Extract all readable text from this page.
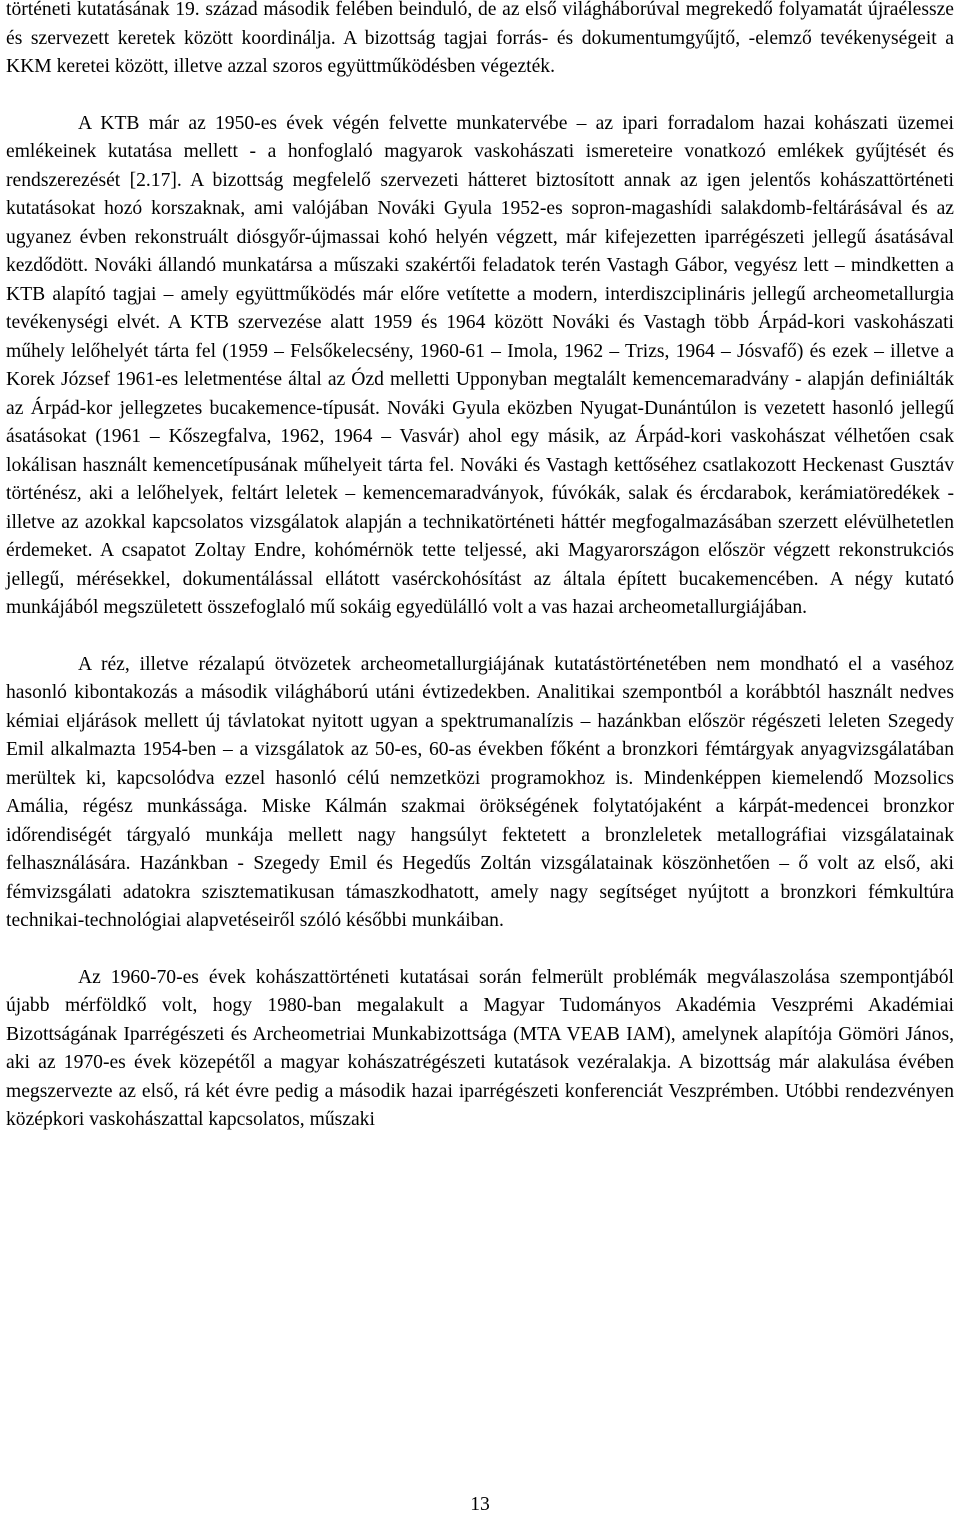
történeti kutatásának 19. század második felében beinduló, de az első világháborúval megrekedő folyamatát újraélessze és szervezett keretek között koordinálja. A bizottság tagjai forrás- és dokumentumgyűjtő, -elemző tevékenységeit a KKM keretei között, illetve azzal szoros együttműködésben végezték.

A KTB már az 1950-es évek végén felvette munkatervébe ‒ az ipari forradalom hazai kohászati üzemei emlékeinek kutatása mellett - a honfoglaló magyarok vaskohászati ismereteire vonatkozó emlékek gyűjtését és rendszerezését [2.17]. A bizottság megfelelő szervezeti hátteret biztosított annak az igen jelentős kohászattörténeti kutatásokat hozó korszaknak, ami valójában Nováki Gyula 1952-es sopron-magashídi salakdomb-feltárásával és az ugyanez évben rekonstruált diósgyőr-újmassai kohó helyén végzett, már kifejezetten iparrégészeti jellegű ásatásával kezdődött. Nováki állandó munkatársa a műszaki szakértői feladatok terén Vastagh Gábor, vegyész lett ‒ mindketten a KTB alapító tagjai ‒ amely együttműködés már előre vetítette a modern, interdiszciplináris jellegű archeometallurgia tevékenységi elvét. A KTB szervezése alatt 1959 és 1964 között Nováki és Vastagh több Árpád-kori vaskohászati műhely lelőhelyét tárta fel (1959 ‒ Felsőkelecsény, 1960-61 ‒ Imola, 1962 ‒ Trizs, 1964 ‒ Jósvafő) és ezek ‒ illetve a Korek József 1961-es leletmentése által az Ózd melletti Upponyban megtalált kemencemaradvány - alapján definiálták az Árpád-kor jellegzetes bucakemence-típusát. Nováki Gyula eközben Nyugat-Dunántúlon is vezetett hasonló jellegű ásatásokat (1961 ‒ Kőszegfalva, 1962, 1964 ‒ Vasvár) ahol egy másik, az Árpád-kori vaskohászat vélhetően csak lokálisan használt kemencetípusának műhelyeit tárta fel. Nováki és Vastagh kettőséhez csatlakozott Heckenast Gusztáv történész, aki a lelőhelyek, feltárt leletek ‒ kemencemaradványok, fúvókák, salak és ércdarabok, kerámiatöredékek - illetve az azokkal kapcsolatos vizsgálatok alapján a technikatörténeti háttér megfogalmazásában szerzett elévülhetetlen érdemeket. A csapatot Zoltay Endre, kohómérnök tette teljessé, aki Magyarországon először végzett rekonstrukciós jellegű, mérésekkel, dokumentálással ellátott vasérckohósítást az általa épített bucakemencében. A négy kutató munkájából megszületett összefoglaló mű sokáig egyedülálló volt a vas hazai archeometallurgiájában.

A réz, illetve rézalapú ötvözetek archeometallurgiájának kutatástörténetében nem mondható el a vaséhoz hasonló kibontakozás a második világháború utáni évtizedekben. Analitikai szempontból a korábbtól használt nedves kémiai eljárások mellett új távlatokat nyitott ugyan a spektrumanalízis ‒ hazánkban először régészeti leleten Szegedy Emil alkalmazta 1954-ben ‒ a vizsgálatok az 50-es, 60-as években főként a bronzkori fémtárgyak anyagvizsgálatában merültek ki, kapcsolódva ezzel hasonló célú nemzetközi programokhoz is. Mindenképpen kiemelendő Mozsolics Amália, régész munkássága. Miske Kálmán szakmai örökségének folytatójaként a kárpát-medencei bronzkor időrendiségét tárgyaló munkája mellett nagy hangsúlyt fektetett a bronzleletek metallográfiai vizsgálatainak felhasználására. Hazánkban - Szegedy Emil és Hegedűs Zoltán vizsgálatainak köszönhetően ‒ ő volt az első, aki fémvizsgálati adatokra szisztematikusan támaszkodhatott, amely nagy segítséget nyújtott a bronzkori fémkultúra technikai-technológiai alapvetéseiről szóló későbbi munkáiban.

Az 1960-70-es évek kohászattörténeti kutatásai során felmerült problémák megválaszolása szempontjából újabb mérföldkő volt, hogy 1980-ban megalakult a Magyar Tudományos Akadémia Veszprémi Akadémiai Bizottságának Iparrégészeti és Archeometriai Munkabizottsága (MTA VEAB IAM), amelynek alapítója Gömöri János, aki az 1970-es évek közepétől a magyar kohászatrégészeti kutatások vezéralakja. A bizottság már alakulása évében megszervezte az első, rá két évre pedig a második hazai iparrégészeti konferenciát Veszprémben. Utóbbi rendezvényen középkori vaskohászattal kapcsolatos, műszaki

13
